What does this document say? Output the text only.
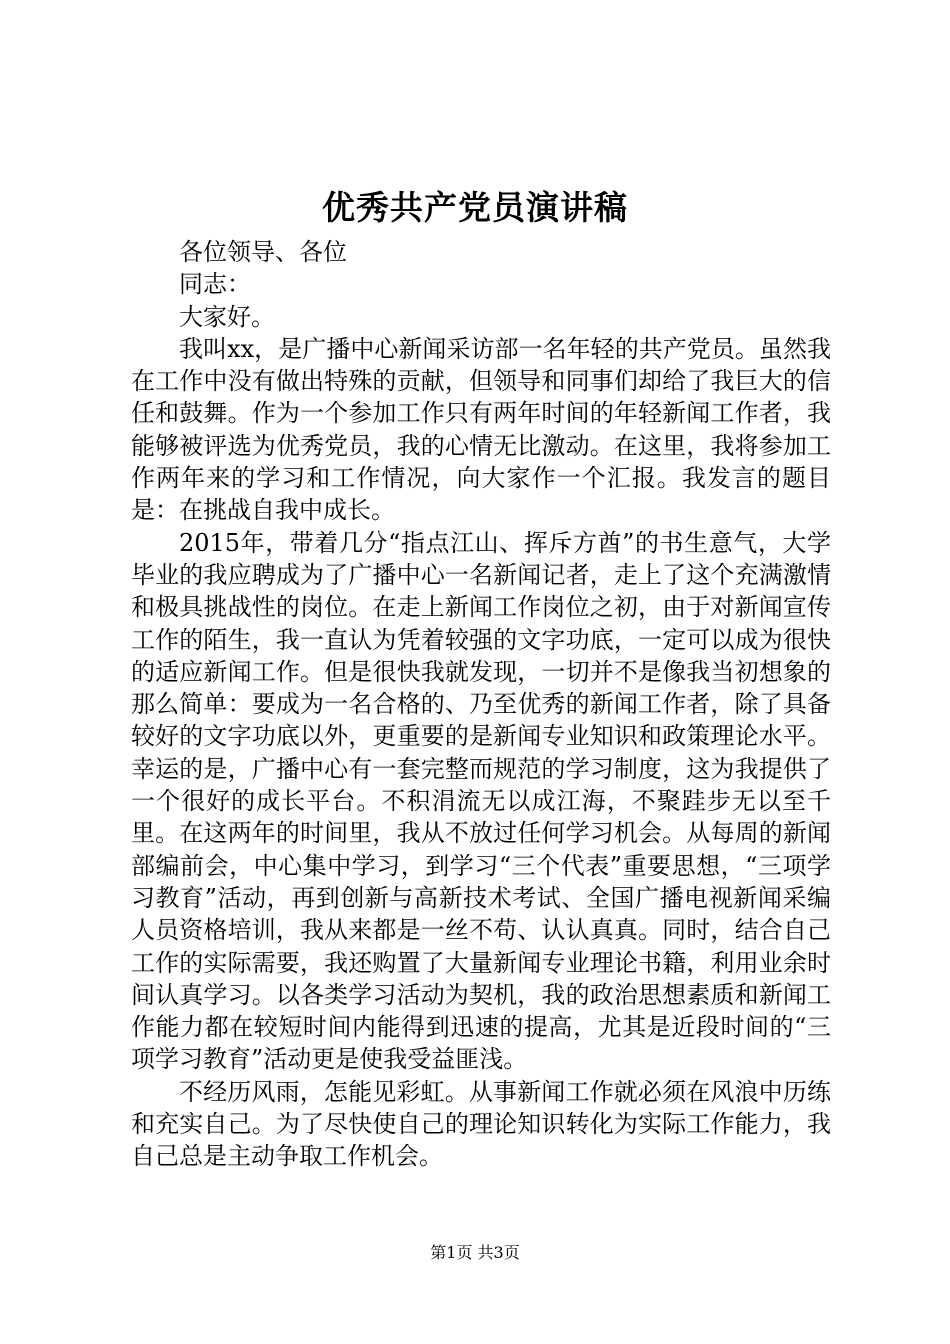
优秀共产党员演讲稿

各位领导、各位

同志：

大家好。

我叫xx，是广播中心新闻采访部一名年轻的共产党员。虽然我在工作中没有做出特殊的贡献，但领导和同事们却给了我巨大的信任和鼓舞。作为一个参加工作只有两年时间的年轻新闻工作者，我能够被评选为优秀党员，我的心情无比激动。在这里，我将参加工作两年来的学习和工作情况，向大家作一个汇报。我发言的题目是：在挑战自我中成长。

2015年，带着几分“指点江山、挥斥方酋”的书生意气，大学毕业的我应聘成为了广播中心一名新闻记者，走上了这个充满激情和极具挑战性的岗位。在走上新闻工作岗位之初，由于对新闻宣传工作的陌生，我一直认为凭着较强的文字功底，一定可以成为很快的适应新闻工作。但是很快我就发现，一切并不是像我当初想象的那么简单：要成为一名合格的、乃至优秀的新闻工作者，除了具备较好的文字功底以外，更重要的是新闻专业知识和政策理论水平。幸运的是，广播中心有一套完整而规范的学习制度，这为我提供了一个很好的成长平台。不积涓流无以成江海，不聚跬步无以至千里。在这两年的时间里，我从不放过任何学习机会。从每周的新闻部编前会，中心集中学习，到学习“三个代表”重要思想，“三项学习教育”活动，再到创新与高新技术考试、全国广播电视新闻采编人员资格培训，我从来都是一丝不苟、认认真真。同时，结合自己工作的实际需要，我还购置了大量新闻专业理论书籍，利用业余时间认真学习。以各类学习活动为契机，我的政治思想素质和新闻工作能力都在较短时间内能得到迅速的提高，尤其是近段时间的“三项学习教育”活动更是使我受益匪浅。

不经历风雨，怎能见彩虹。从事新闻工作就必须在风浪中历练和充实自己。为了尽快使自己的理论知识转化为实际工作能力，我自己总是主动争取工作机会。

第1页 共3页
